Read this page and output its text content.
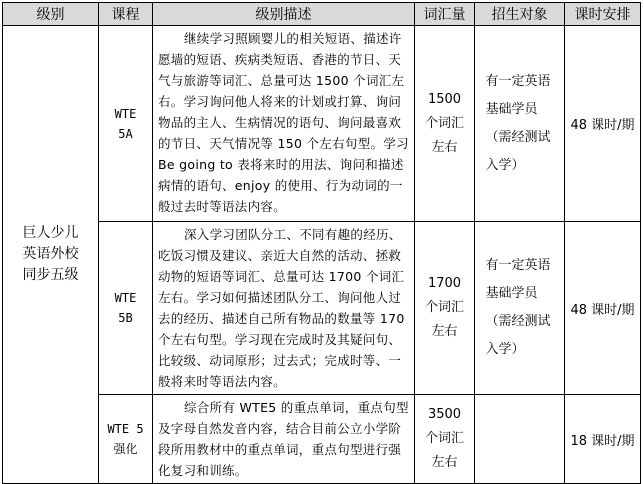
级别	课程	级别描述	词汇量	招生对象	课时安排

巨人少儿英语外校同步五级	WTE 5A	继续学习照顾婴儿的相关短语、描述许愿墙的短语、疾病类短语、香港的节日、天气与旅游等词汇、总量可达 1500 个词汇左右。学习询问他人将来的计划或打算、询问物品的主人、生病情况的语句、询问最喜欢的节日、天气情况等 150 个左右句型。学习 Be going to 表将来时的用法、询问和描述病情的语句、enjoy 的使用、行为动词的一般过去时等语法内容。	1500 个词汇左右	有一定英语基础学员（需经测试入学）	48 课时/期

	WTE 5B	深入学习团队分工、不同有趣的经历、吃饭习惯及建议、亲近大自然的活动、拯救动物的短语等词汇、总量可达 1700 个词汇左右。学习如何描述团队分工、询问他人过去的经历、描述自己所有物品的数量等 170 个左右句型。学习现在完成时及其疑问句、比较级、动词原形；过去式；完成时等、一般将来时等语法内容。	1700 个词汇左右	有一定英语基础学员（需经测试入学）	48 课时/期

	WTE 5 强化	综合所有 WTE5 的重点单词，重点句型及字母自然发音内容，结合目前公立小学阶段所用教材中的重点单词，重点句型进行强化复习和训练。	3500 个词汇左右		18 课时/期
